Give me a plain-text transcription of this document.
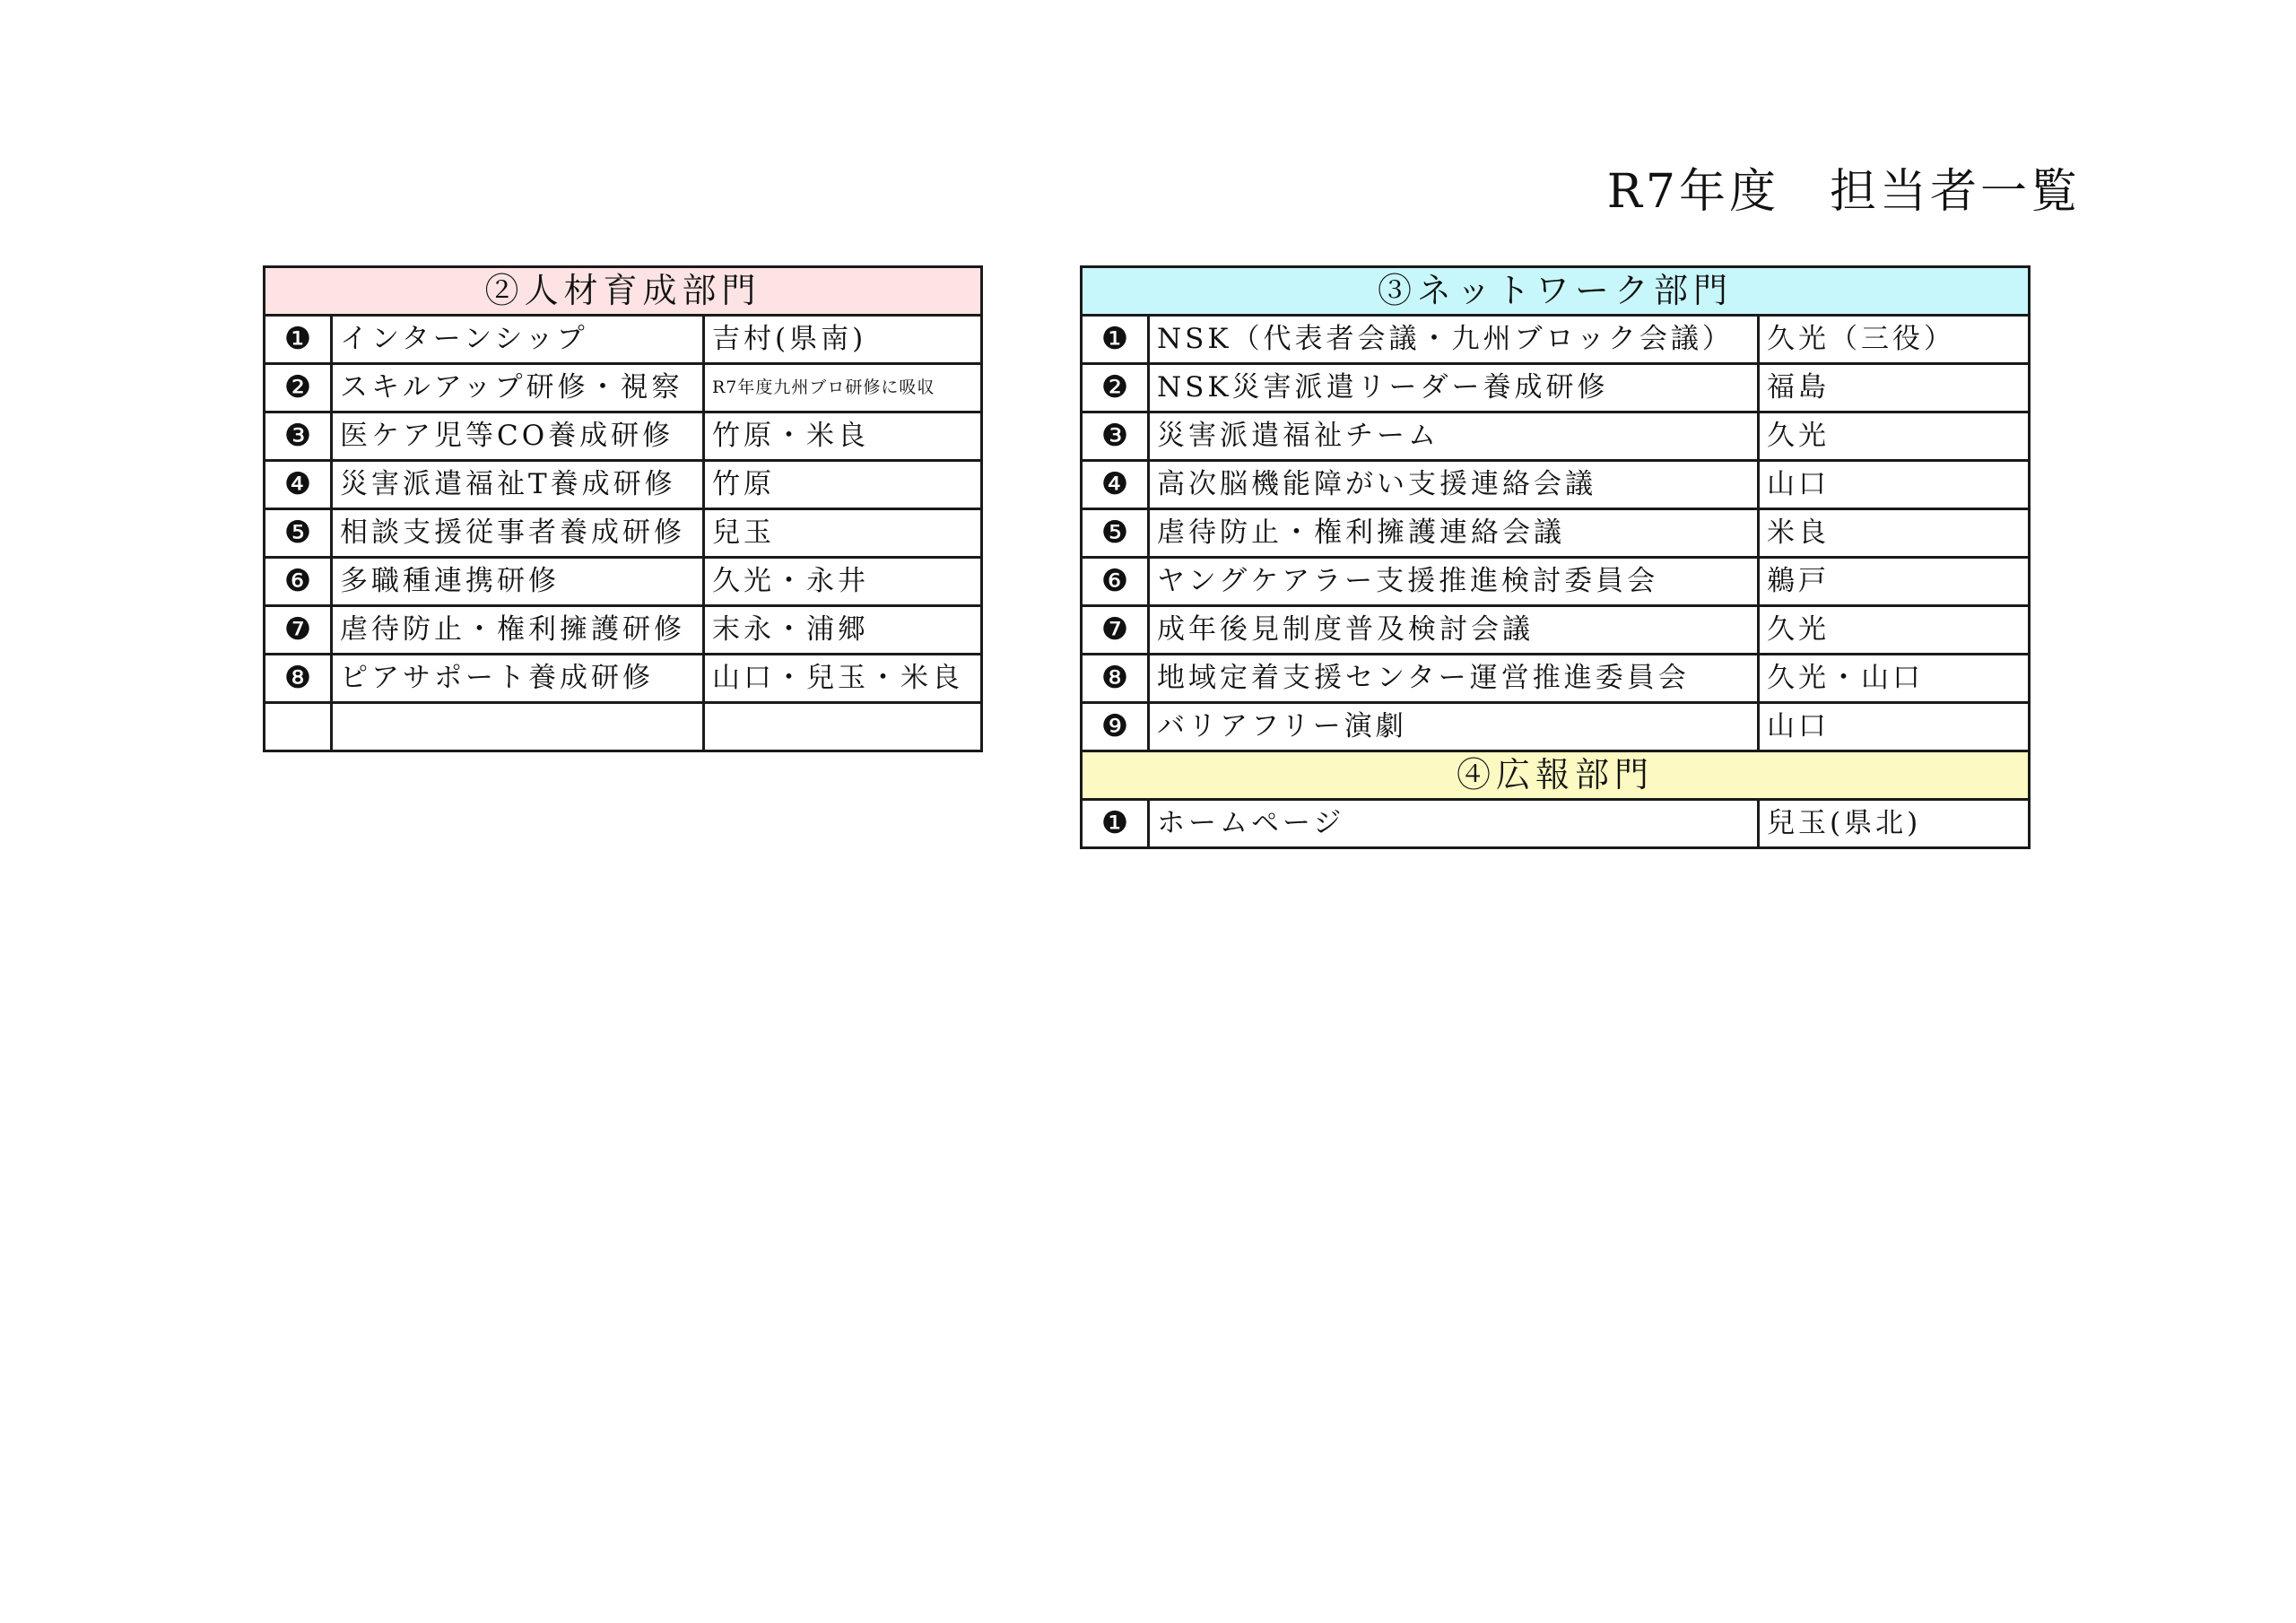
R7年度　担当者一覧
②人材育成部門		
❶	インターンシップ	吉村(県南)
❷	スキルアップ研修・視察	R7年度九州ブロ研修に吸収
❸	医ケア児等CO養成研修	竹原・米良
❹	災害派遣福祉T養成研修	竹原
❺	相談支援従事者養成研修	兒玉
❻	多職種連携研修	久光・永井
❼	虐待防止・権利擁護研修	末永・浦郷
❽	ピアサポート養成研修	山口・兒玉・米良

③ネットワーク部門		
❶	NSK（代表者会議・九州ブロック会議）	久光（三役）
❷	NSK災害派遣リーダー養成研修	福島
❸	災害派遣福祉チーム	久光
❹	高次脳機能障がい支援連絡会議	山口
❺	虐待防止・権利擁護連絡会議	米良
❻	ヤングケアラー支援推進検討委員会	鵜戸
❼	成年後見制度普及検討会議	久光
❽	地域定着支援センター運営推進委員会	久光・山口
❾	バリアフリー演劇	山口
④広報部門		
❶	ホームページ	兒玉(県北)
